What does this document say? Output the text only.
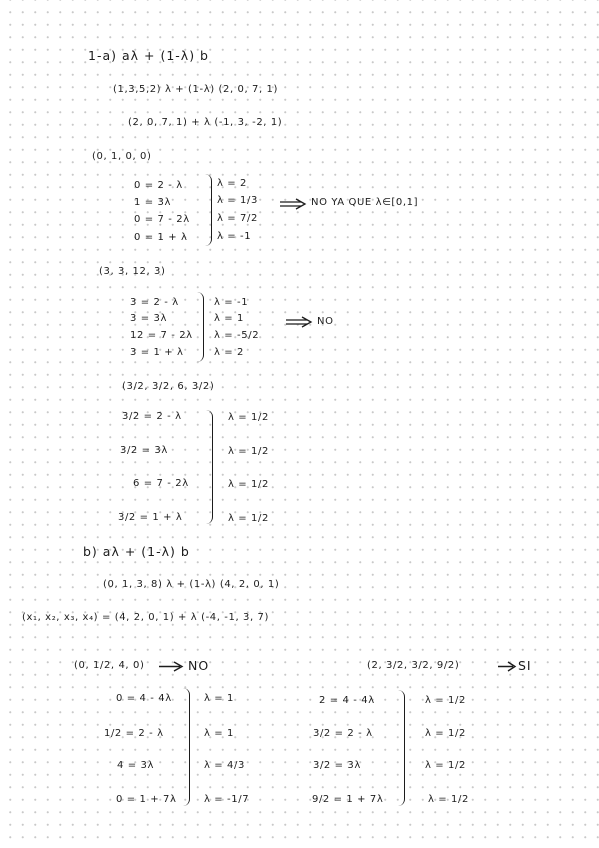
1-a) aλ + (1-λ) b
(1,3,5,2) λ + (1-λ) (2, 0, 7, 1)
(2, 0, 7, 1) + λ (-1, 3, -2, 1)
(0, 1, 0, 0)
0 = 2 - λ
1 = 3λ
0 = 7 - 2λ
0 = 1 + λ
λ = 2
λ = 1/3
λ = 7/2
λ = -1
NO YA QUE λ∈[0,1]
(3, 3, 12, 3)
3 = 2 - λ
3 = 3λ
12 = 7 - 2λ
3 = 1 + λ
λ = -1
λ = 1
λ = -5/2
λ = 2
NO
(3/2, 3/2, 6, 3/2)
3/2 = 2 - λ
3/2 = 3λ
6 = 7 - 2λ
3/2 = 1 + λ
λ = 1/2
λ = 1/2
λ = 1/2
λ = 1/2
b) aλ + (1-λ) b
(0, 1, 3, 8) λ + (1-λ) (4, 2, 0, 1)
(x₁, x₂, x₃, x₄) = (4, 2, 0, 1) + λ (-4, -1, 3, 7)
(0, 1/2, 4, 0)	NO
0 = 4 - 4λ
1/2 = 2 - λ
4 = 3λ
0 = 1 + 7λ
λ = 1
λ = 1
λ = 4/3
λ = -1/7
(2, 3/2, 3/2, 9/2)	SI
2 = 4 - 4λ
3/2 = 2 - λ
3/2 = 3λ
9/2 = 1 + 7λ
λ = 1/2
λ = 1/2
λ = 1/2
λ = 1/2
